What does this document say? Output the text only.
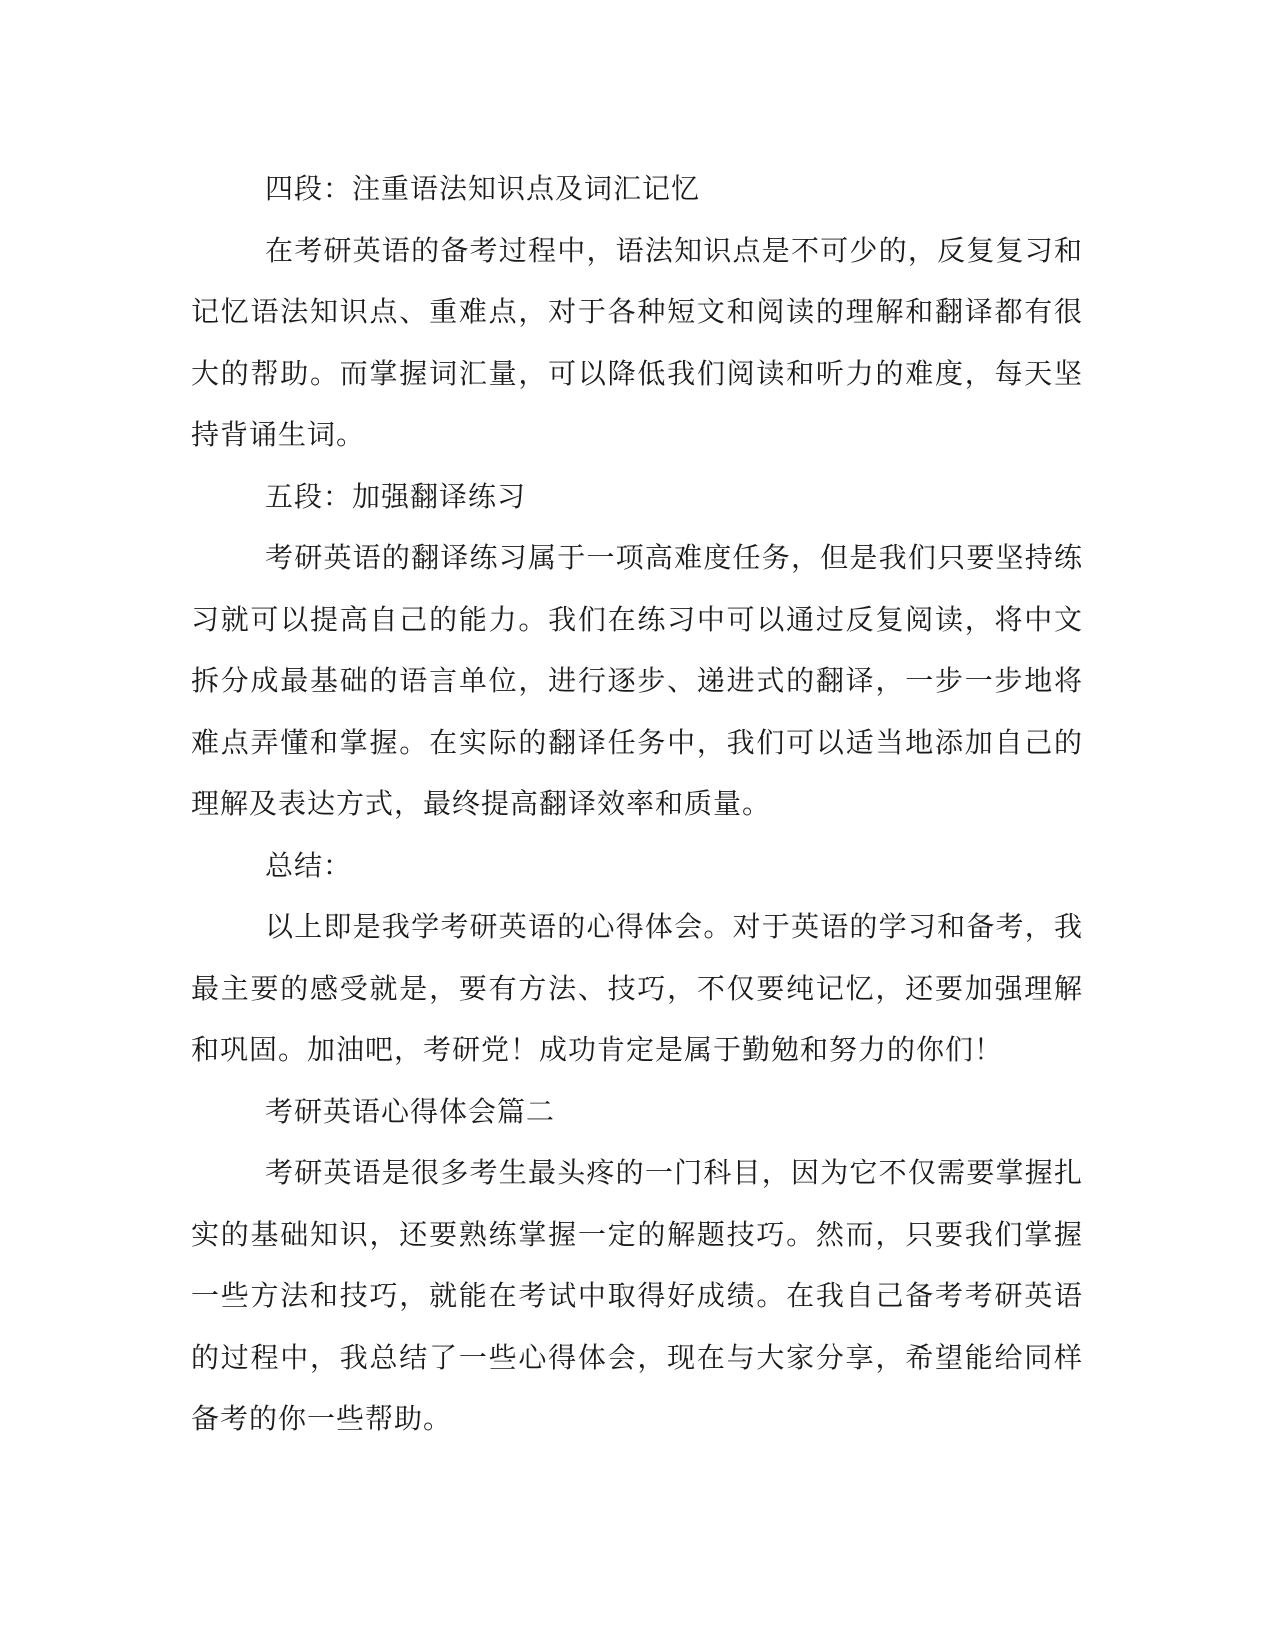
四段：注重语法知识点及词汇记忆

在考研英语的备考过程中，语法知识点是不可少的，反复复习和记忆语法知识点、重难点，对于各种短文和阅读的理解和翻译都有很大的帮助。而掌握词汇量，可以降低我们阅读和听力的难度，每天坚持背诵生词。

五段：加强翻译练习

考研英语的翻译练习属于一项高难度任务，但是我们只要坚持练习就可以提高自己的能力。我们在练习中可以通过反复阅读，将中文拆分成最基础的语言单位，进行逐步、递进式的翻译，一步一步地将难点弄懂和掌握。在实际的翻译任务中，我们可以适当地添加自己的理解及表达方式，最终提高翻译效率和质量。

总结：

以上即是我学考研英语的心得体会。对于英语的学习和备考，我最主要的感受就是，要有方法、技巧，不仅要纯记忆，还要加强理解和巩固。加油吧，考研党！成功肯定是属于勤勉和努力的你们！

考研英语心得体会篇二

考研英语是很多考生最头疼的一门科目，因为它不仅需要掌握扎实的基础知识，还要熟练掌握一定的解题技巧。然而，只要我们掌握一些方法和技巧，就能在考试中取得好成绩。在我自己备考考研英语的过程中，我总结了一些心得体会，现在与大家分享，希望能给同样备考的你一些帮助。
